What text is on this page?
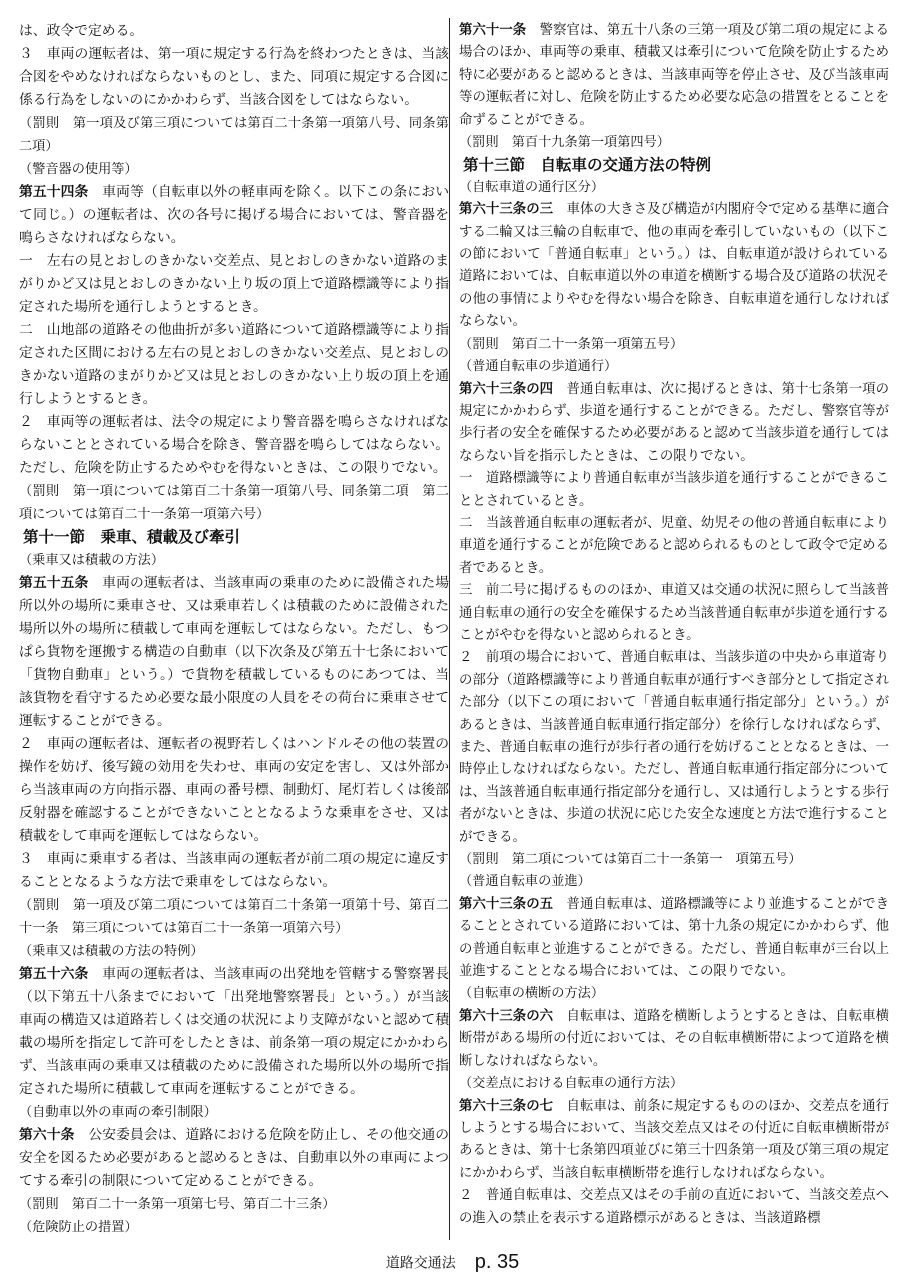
は、政令で定める。
３　車両の運転者は、第一項に規定する行為を終わつたときは、当該合図をやめなければならないものとし、また、同項に規定する合図に係る行為をしないのにかかわらず、当該合図をしてはならない。
（罰則　第一項及び第三項については第百二十条第一項第八号、同条第二項）
（警音器の使用等）
第五十四条　車両等（自転車以外の軽車両を除く。以下この条において同じ。）の運転者は、次の各号に掲げる場合においては、警音器を鳴らさなければならない。
一　左右の見とおしのきかない交差点、見とおしのきかない道路のまがりかど又は見とおしのきかない上り坂の頂上で道路標識等により指定された場所を通行しようとするとき。
二　山地部の道路その他曲折が多い道路について道路標識等により指定された区間における左右の見とおしのきかない交差点、見とおしのきかない道路のまがりかど又は見とおしのきかない上り坂の頂上を通行しようとするとき。
２　車両等の運転者は、法令の規定により警音器を鳴らさなければならないこととされている場合を除き、警音器を鳴らしてはならない。ただし、危険を防止するためやむを得ないときは、この限りでない。
（罰則　第一項については第百二十条第一項第八号、同条第二項　第二項については第百二十一条第一項第六号）
第十一節　乗車、積載及び牽引
（乗車又は積載の方法）
第五十五条　車両の運転者は、当該車両の乗車のために設備された場所以外の場所に乗車させ、又は乗車若しくは積載のために設備された場所以外の場所に積載して車両を運転してはならない。ただし、もつぱら貨物を運搬する構造の自動車（以下次条及び第五十七条において「貨物自動車」という。）で貨物を積載しているものにあつては、当該貨物を看守するため必要な最小限度の人員をその荷台に乗車させて運転することができる。
２　車両の運転者は、運転者の視野若しくはハンドルその他の装置の操作を妨げ、後写鏡の効用を失わせ、車両の安定を害し、又は外部から当該車両の方向指示器、車両の番号標、制動灯、尾灯若しくは後部反射器を確認することができないこととなるような乗車をさせ、又は積載をして車両を運転してはならない。
３　車両に乗車する者は、当該車両の運転者が前二項の規定に違反することとなるような方法で乗車をしてはならない。
（罰則　第一項及び第二項については第百二十条第一項第十号、第百二十一条　第三項については第百二十一条第一項第六号）
（乗車又は積載の方法の特例）
第五十六条　車両の運転者は、当該車両の出発地を管轄する警察署長（以下第五十八条までにおいて「出発地警察署長」という。）が当該車両の構造又は道路若しくは交通の状況により支障がないと認めて積載の場所を指定して許可をしたときは、前条第一項の規定にかかわらず、当該車両の乗車又は積載のために設備された場所以外の場所で指定された場所に積載して車両を運転することができる。
（自動車以外の車両の牽引制限）
第六十条　公安委員会は、道路における危険を防止し、その他交通の安全を図るため必要があると認めるときは、自動車以外の車両によつてする牽引の制限について定めることができる。
（罰則　第百二十一条第一項第七号、第百二十三条）
（危険防止の措置）
第六十一条　警察官は、第五十八条の三第一項及び第二項の規定による場合のほか、車両等の乗車、積載又は牽引について危険を防止するため特に必要があると認めるときは、当該車両等を停止させ、及び当該車両等の運転者に対し、危険を防止するため必要な応急の措置をとることを命ずることができる。
（罰則　第百十九条第一項第四号）
第十三節　自転車の交通方法の特例
（自転車道の通行区分）
第六十三条の三　車体の大きさ及び構造が内閣府令で定める基準に適合する二輪又は三輪の自転車で、他の車両を牽引していないもの（以下この節において「普通自転車」という。）は、自転車道が設けられている道路においては、自転車道以外の車道を横断する場合及び道路の状況その他の事情によりやむを得ない場合を除き、自転車道を通行しなければならない。
（罰則　第百二十一条第一項第五号）
（普通自転車の歩道通行）
第六十三条の四　普通自転車は、次に掲げるときは、第十七条第一項の規定にかかわらず、歩道を通行することができる。ただし、警察官等が歩行者の安全を確保するため必要があると認めて当該歩道を通行してはならない旨を指示したときは、この限りでない。
一　道路標識等により普通自転車が当該歩道を通行することができることとされているとき。
二　当該普通自転車の運転者が、児童、幼児その他の普通自転車により車道を通行することが危険であると認められるものとして政令で定める者であるとき。
三　前二号に掲げるもののほか、車道又は交通の状況に照らして当該普通自転車の通行の安全を確保するため当該普通自転車が歩道を通行することがやむを得ないと認められるとき。
２　前項の場合において、普通自転車は、当該歩道の中央から車道寄りの部分（道路標識等により普通自転車が通行すべき部分として指定された部分（以下この項において「普通自転車通行指定部分」という。）があるときは、当該普通自転車通行指定部分）を徐行しなければならず、また、普通自転車の進行が歩行者の通行を妨げることとなるときは、一時停止しなければならない。ただし、普通自転車通行指定部分については、当該普通自転車通行指定部分を通行し、又は通行しようとする歩行者がないときは、歩道の状況に応じた安全な速度と方法で進行することができる。
（罰則　第二項については第百二十一条第一　項第五号）
（普通自転車の並進）
第六十三条の五　普通自転車は、道路標識等により並進することができることとされている道路においては、第十九条の規定にかかわらず、他の普通自転車と並進することができる。ただし、普通自転車が三台以上並進することとなる場合においては、この限りでない。
（自転車の横断の方法）
第六十三条の六　自転車は、道路を横断しようとするときは、自転車横断帯がある場所の付近においては、その自転車横断帯によつて道路を横断しなければならない。
（交差点における自転車の通行方法）
第六十三条の七　自転車は、前条に規定するもののほか、交差点を通行しようとする場合において、当該交差点又はその付近に自転車横断帯があるときは、第十七条第四項並びに第三十四条第一項及び第三項の規定にかかわらず、当該自転車横断帯を進行しなければならない。
２　普通自転車は、交差点又はその手前の直近において、当該交差点への進入の禁止を表示する道路標示があるときは、当該道路標
道路交通法 p. 35
